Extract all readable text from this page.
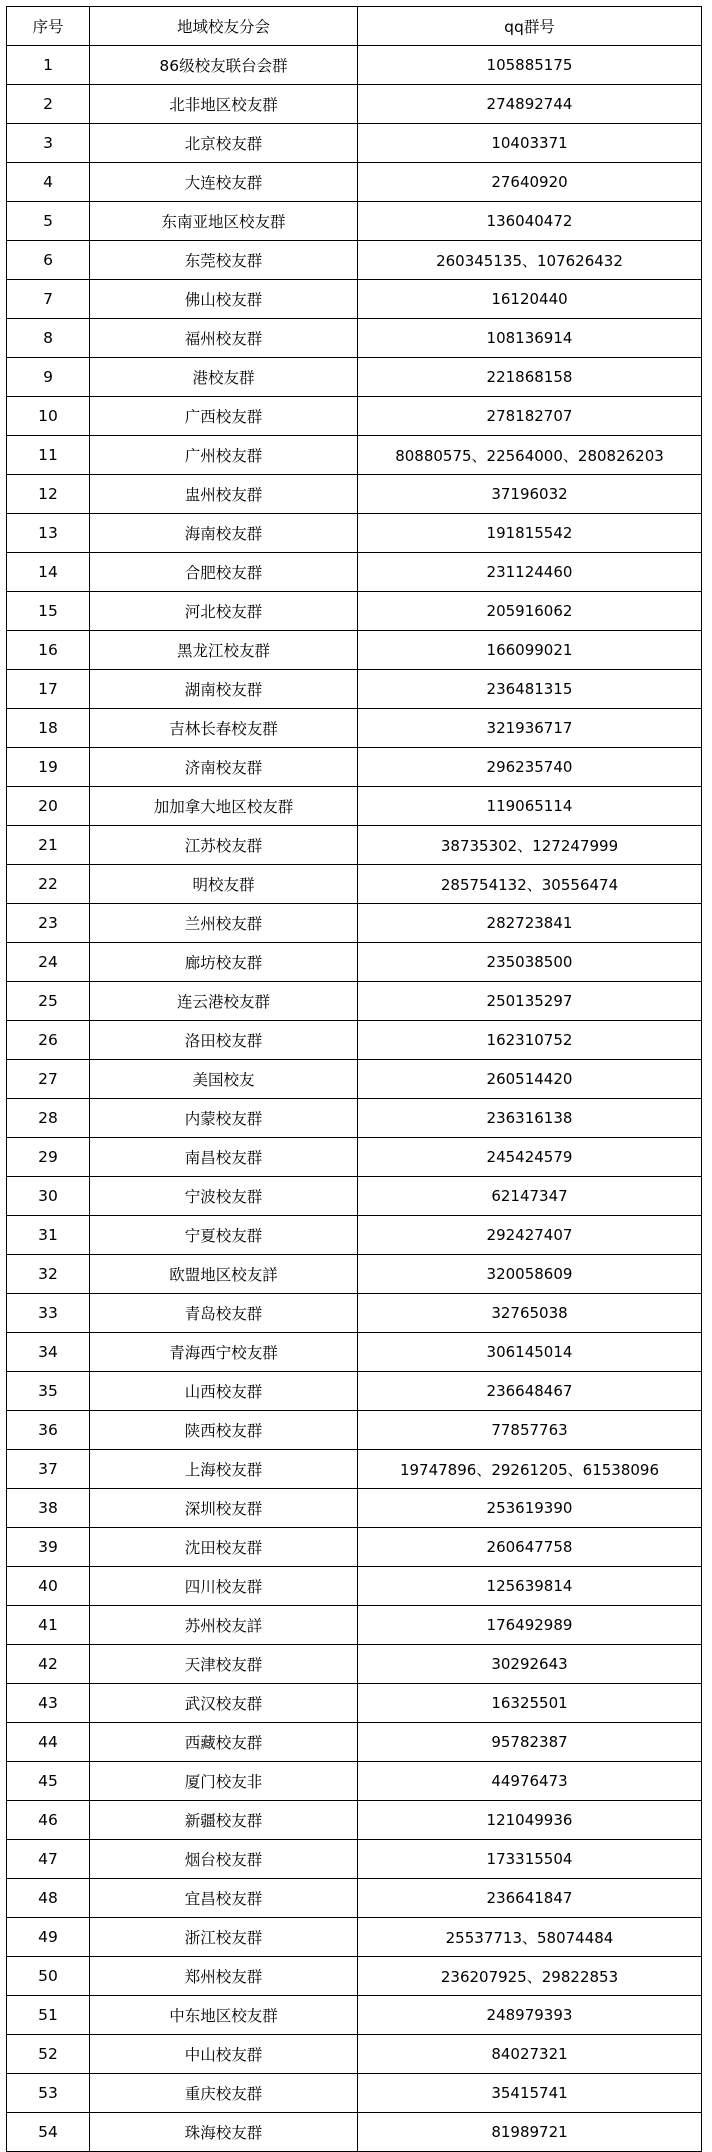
序号	地域校友分会	qq群号
1	86级校友联台会群	105885175
2	北非地区校友群	274892744
3	北京校友群	10403371
4	大连校友群	27640920
5	东南亚地区校友群	136040472
6	东莞校友群	260345135、107626432
7	佛山校友群	16120440
8	福州校友群	108136914
9	港校友群	221868158
10	广西校友群	278182707
11	广州校友群	80880575、22564000、280826203
12	盅州校友群	37196032
13	海南校友群	191815542
14	合肥校友群	231124460
15	河北校友群	205916062
16	黑龙江校友群	166099021
17	湖南校友群	236481315
18	吉林长春校友群	321936717
19	济南校友群	296235740
20	加加拿大地区校友群	119065114
21	江苏校友群	38735302、127247999
22	明校友群	285754132、30556474
23	兰州校友群	282723841
24	廊坊校友群	235038500
25	连云港校友群	250135297
26	洛田校友群	162310752
27	美国校友	260514420
28	内蒙校友群	236316138
29	南昌校友群	245424579
30	宁波校友群	62147347
31	宁夏校友群	292427407
32	欧盟地区校友詳	320058609
33	青岛校友群	32765038
34	青海西宁校友群	306145014
35	山西校友群	236648467
36	陕西校友群	77857763
37	上海校友群	19747896、29261205、61538096
38	深圳校友群	253619390
39	沈田校友群	260647758
40	四川校友群	125639814
41	苏州校友詳	176492989
42	天津校友群	30292643
43	武汉校友群	16325501
44	西藏校友群	95782387
45	厦门校友非	44976473
46	新疆校友群	121049936
47	烟台校友群	173315504
48	宜昌校友群	236641847
49	浙江校友群	25537713、58074484
50	郑州校友群	236207925、29822853
51	中东地区校友群	248979393
52	中山校友群	84027321
53	重庆校友群	35415741
54	珠海校友群	81989721
